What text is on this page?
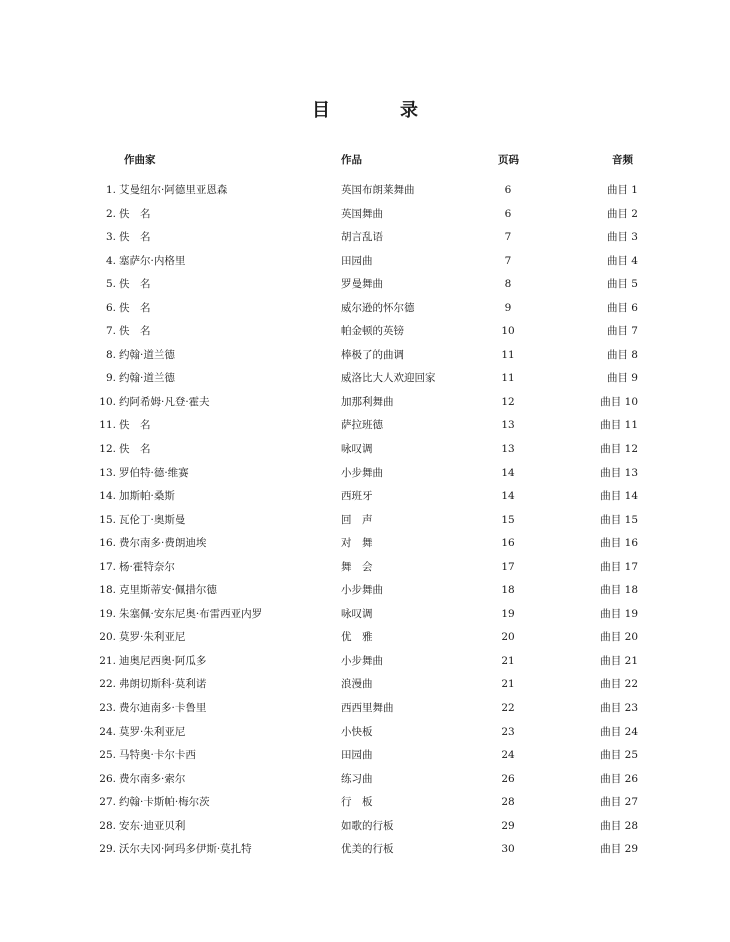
目　录
作曲家	作品	页码	音频
1. 艾曼纽尔·阿德里亚恩森	英国布朗莱舞曲	6	曲目 1
2. 佚　名	英国舞曲	6	曲目 2
3. 佚　名	胡言乱语	7	曲目 3
4. 塞萨尔·内格里	田园曲	7	曲目 4
5. 佚　名	罗曼舞曲	8	曲目 5
6. 佚　名	威尔逊的怀尔德	9	曲目 6
7. 佚　名	帕金顿的英镑	10	曲目 7
8. 约翰·道兰德	棒极了的曲调	11	曲目 8
9. 约翰·道兰德	威洛比大人欢迎回家	11	曲目 9
10. 约阿希姆·凡登·霍夫	加那利舞曲	12	曲目 10
11. 佚　名	萨拉班德	13	曲目 11
12. 佚　名	咏叹调	13	曲目 12
13. 罗伯特·德·维赛	小步舞曲	14	曲目 13
14. 加斯帕·桑斯	西班牙	14	曲目 14
15. 瓦伦丁·奥斯曼	回　声	15	曲目 15
16. 费尔南多·费朗迪埃	对　舞	16	曲目 16
17. 杨·霍特奈尔	舞　会	17	曲目 17
18. 克里斯蒂安·佩措尔德	小步舞曲	18	曲目 18
19. 朱塞佩·安东尼奥·布雷西亚内罗	咏叹调	19	曲目 19
20. 莫罗·朱利亚尼	优　雅	20	曲目 20
21. 迪奥尼西奥·阿瓜多	小步舞曲	21	曲目 21
22. 弗朗切斯科·莫利诺	浪漫曲	21	曲目 22
23. 费尔迪南多·卡鲁里	西西里舞曲	22	曲目 23
24. 莫罗·朱利亚尼	小快板	23	曲目 24
25. 马特奥·卡尔卡西	田园曲	24	曲目 25
26. 费尔南多·索尔	练习曲	26	曲目 26
27. 约翰·卡斯帕·梅尔茨	行　板	28	曲目 27
28. 安东·迪亚贝利	如歌的行板	29	曲目 28
29. 沃尔夫冈·阿玛多伊斯·莫扎特	优美的行板	30	曲目 29
